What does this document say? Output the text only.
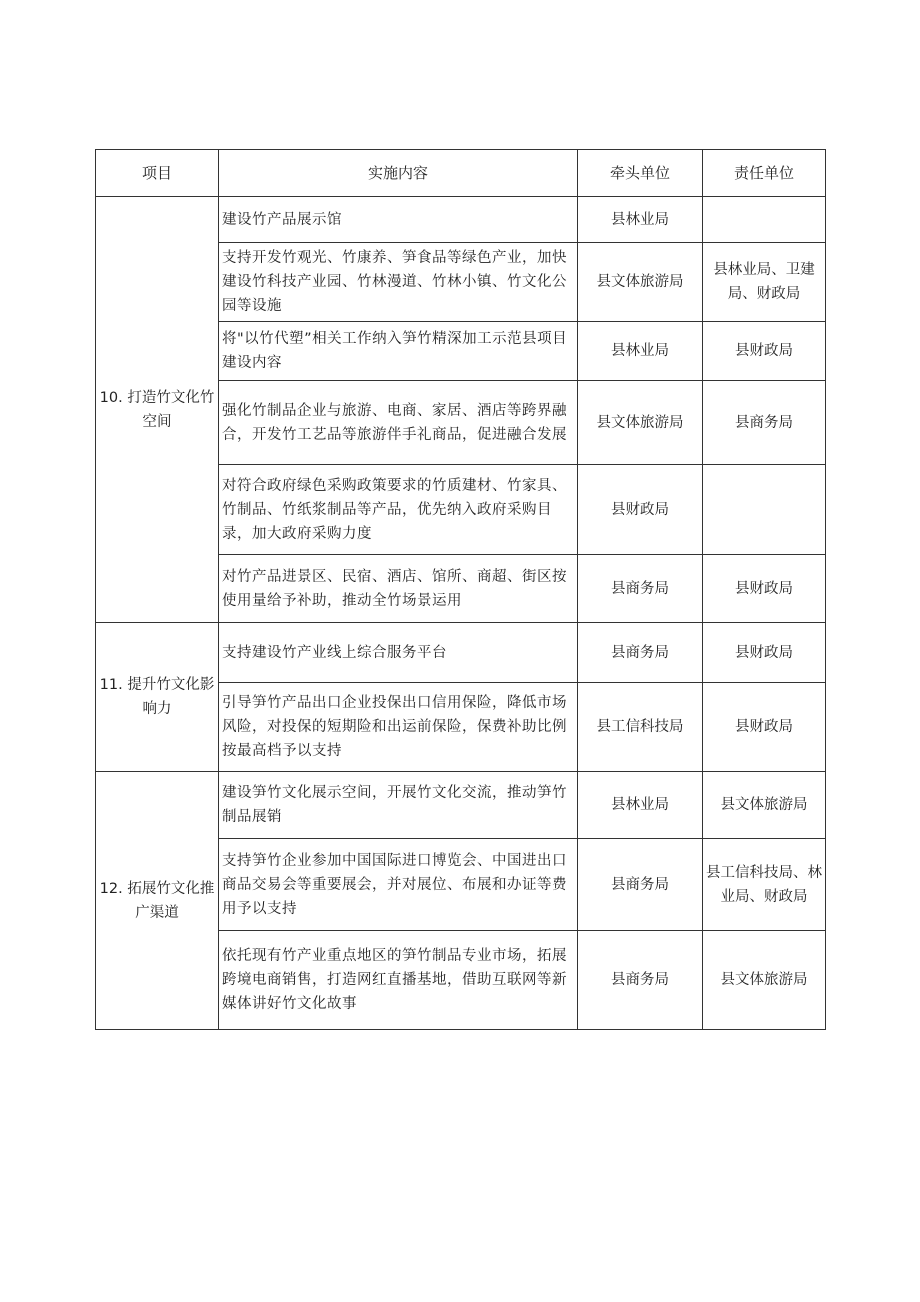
项目	实施内容	牵头单位	责任单位
10. 打造竹文化竹空间	建设竹产品展示馆	县林业局	
	支持开发竹观光、竹康养、笋食品等绿色产业，加快建设竹科技产业园、竹林漫道、竹林小镇、竹文化公园等设施	县文体旅游局	县林业局、卫建局、财政局
	将"以竹代塑”相关工作纳入笋竹精深加工示范县项目建设内容	县林业局	县财政局
	强化竹制品企业与旅游、电商、家居、酒店等跨界融合，开发竹工艺品等旅游伴手礼商品，促进融合发展	县文体旅游局	县商务局
	对符合政府绿色采购政策要求的竹质建材、竹家具、竹制品、竹纸浆制品等产品，优先纳入政府采购目录，加大政府采购力度	县财政局	
	对竹产品进景区、民宿、酒店、馆所、商超、街区按使用量给予补助，推动全竹场景运用	县商务局	县财政局
11. 提升竹文化影响力	支持建设竹产业线上综合服务平台	县商务局	县财政局
	引导笋竹产品出口企业投保出口信用保险，降低市场风险，对投保的短期险和出运前保险，保费补助比例按最高档予以支持	县工信科技局	县财政局
12. 拓展竹文化推广渠道	建设笋竹文化展示空间，开展竹文化交流，推动笋竹制品展销	县林业局	县文体旅游局
	支持笋竹企业参加中国国际进口博览会、中国进出口商品交易会等重要展会，并对展位、布展和办证等费用予以支持	县商务局	县工信科技局、林业局、财政局
	依托现有竹产业重点地区的笋竹制品专业市场，拓展跨境电商销售，打造网红直播基地，借助互联网等新媒体讲好竹文化故事	县商务局	县文体旅游局
